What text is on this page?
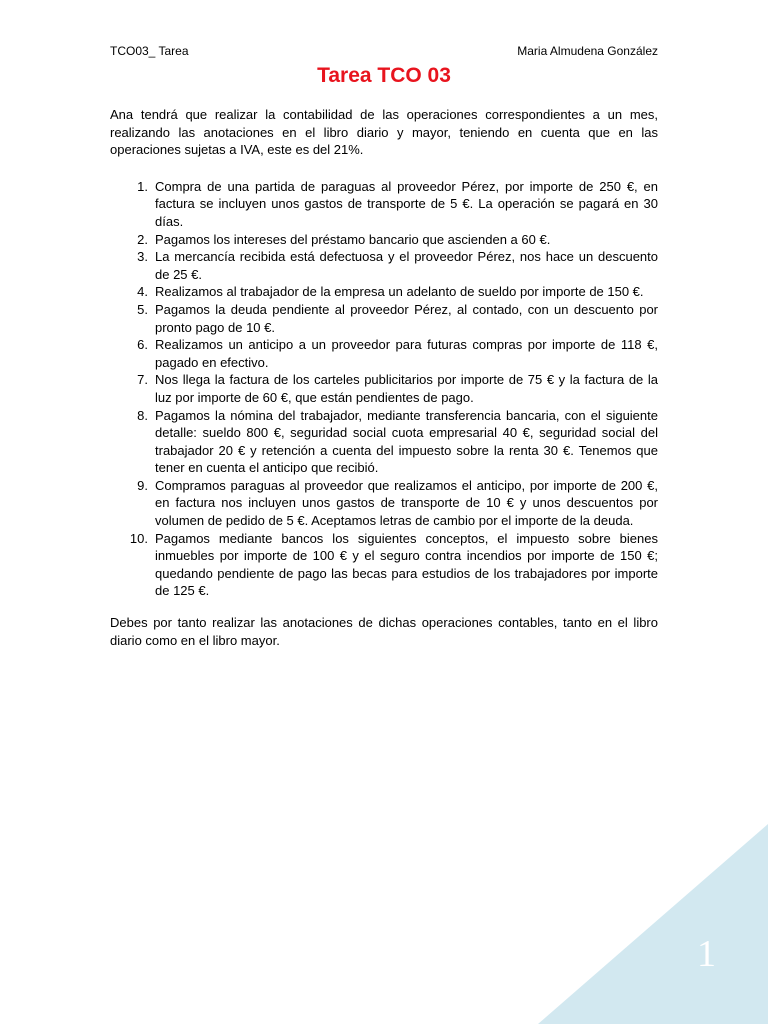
TCO03_ Tarea	Maria Almudena González
Tarea TCO 03

Ana tendrá que realizar la contabilidad de las operaciones correspondientes a un mes, realizando las anotaciones en el libro diario y mayor, teniendo en cuenta que en las operaciones sujetas a IVA, este es del 21%.

1. Compra de una partida de paraguas al proveedor Pérez, por importe de 250 €, en factura se incluyen unos gastos de transporte de 5 €. La operación se pagará en 30 días.
2. Pagamos los intereses del préstamo bancario que ascienden a 60 €.
3. La mercancía recibida está defectuosa y el proveedor Pérez, nos hace un descuento de 25 €.
4. Realizamos al trabajador de la empresa un adelanto de sueldo por importe de 150 €.
5. Pagamos la deuda pendiente al proveedor Pérez, al contado, con un descuento por pronto pago de 10 €.
6. Realizamos un anticipo a un proveedor para futuras compras por importe de 118 €, pagado en efectivo.
7. Nos llega la factura de los carteles publicitarios por importe de 75 € y la factura de la luz por importe de 60 €, que están pendientes de pago.
8. Pagamos la nómina del trabajador, mediante transferencia bancaria, con el siguiente detalle: sueldo 800 €, seguridad social cuota empresarial 40 €, seguridad social del trabajador 20 € y retención a cuenta del impuesto sobre la renta 30 €. Tenemos que tener en cuenta el anticipo que recibió.
9. Compramos paraguas al proveedor que realizamos el anticipo, por importe de 200 €, en factura nos incluyen unos gastos de transporte de 10 € y unos descuentos por volumen de pedido de 5 €. Aceptamos letras de cambio por el importe de la deuda.
10. Pagamos mediante bancos los siguientes conceptos, el impuesto sobre bienes inmuebles por importe de 100 € y el seguro contra incendios por importe de 150 €; quedando pendiente de pago las becas para estudios de los trabajadores por importe de 125 €.

Debes por tanto realizar las anotaciones de dichas operaciones contables, tanto en el libro diario como en el libro mayor.

1
